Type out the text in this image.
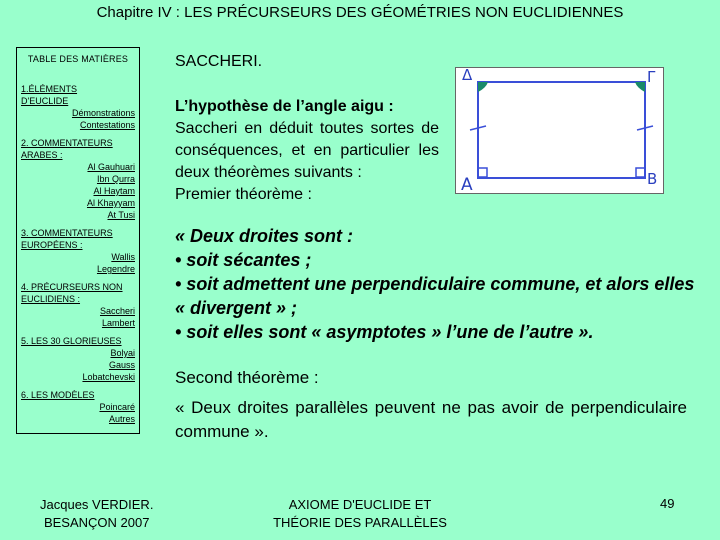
Chapitre IV : LES PRÉCURSEURS DES GÉOMÉTRIES NON EUCLIDIENNES
TABLE DES MATIÈRES
1.ÉLÉMENTS
D'EUCLIDE
Démonstrations
Contestations
2. COMMENTATEURS
ARABES :
Al Gauhuari
Ibn Qurra
Al Haytam
Al Khayyam
At Tusi
3. COMMENTATEURS
EUROPÉENS :
Wallis
Legendre
4. PRÉCURSEURS NON
EUCLIDIENS :
Saccheri
Lambert
5. LES 30 GLORIEUSES
Bolyai
Gauss
Lobatchevski
6. LES MODÈLES
Poincaré
Autres
SACCHERI.
L’hypothèse de l’angle aigu :
Saccheri en déduit toutes sortes de conséquences, et en particulier les deux théorèmes suivants :
Premier théorème :
« Deux droites sont :
• soit sécantes ;
• soit admettent une perpendiculaire commune, et alors elles « divergent » ;
• soit elles sont « asymptotes » l’une de l’autre ».
Second théorème :
« Deux droites parallèles peuvent ne pas avoir de perpendiculaire commune ».
Δ	Γ
A	B
Jacques VERDIER.
BESANÇON 2007
AXIOME D'EUCLIDE ET
THÉORIE DES PARALLÈLES
49
